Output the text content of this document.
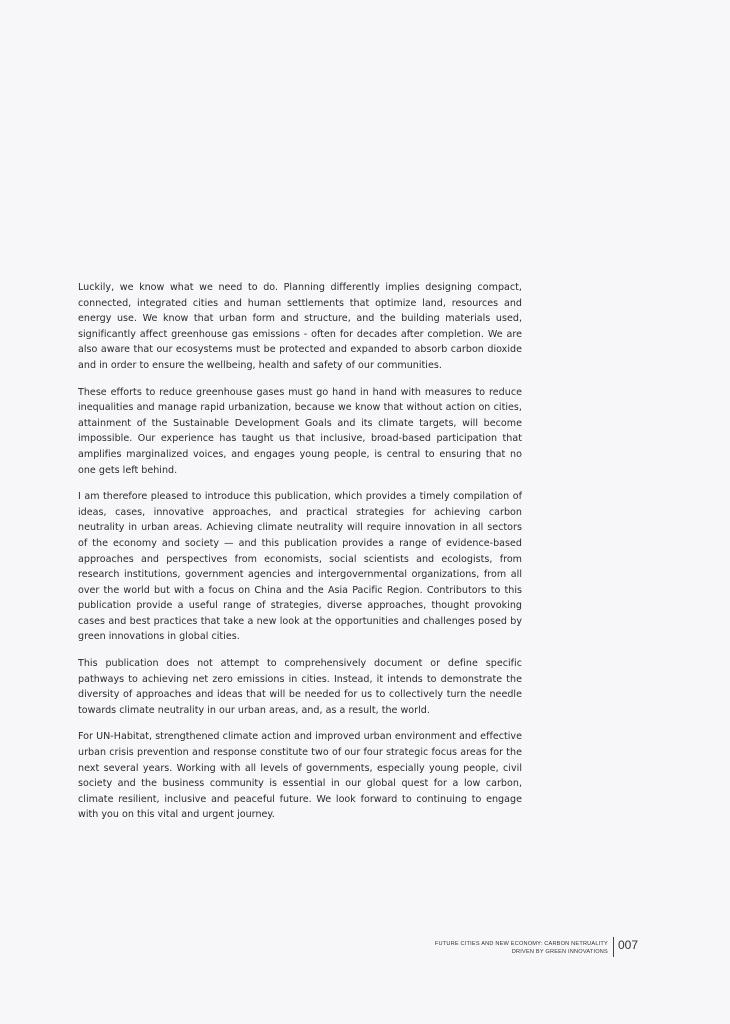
Luckily, we know what we need to do. Planning differently implies designing compact, connected, integrated cities and human settlements that optimize land, resources and energy use. We know that urban form and structure, and the building materials used, significantly affect greenhouse gas emissions - often for decades after completion. We are also aware that our ecosystems must be protected and expanded to absorb carbon dioxide and in order to ensure the wellbeing, health and safety of our communities.

These efforts to reduce greenhouse gases must go hand in hand with measures to reduce inequalities and manage rapid urbanization, because we know that without action on cities, attainment of the Sustainable Development Goals and its climate targets, will become impossible. Our experience has taught us that inclusive, broad-based participation that amplifies marginalized voices, and engages young people, is central to ensuring that no one gets left behind.

I am therefore pleased to introduce this publication, which provides a timely compilation of ideas, cases, innovative approaches, and practical strategies for achieving carbon neutrality in urban areas. Achieving climate neutrality will require innovation in all sectors of the economy and society — and this publication provides a range of evidence-based approaches and perspectives from economists, social scientists and ecologists, from research institutions, government agencies and intergovernmental organizations, from all over the world but with a focus on China and the Asia Pacific Region. Contributors to this publication provide a useful range of strategies, diverse approaches, thought provoking cases and best practices that take a new look at the opportunities and challenges posed by green innovations in global cities.

This publication does not attempt to comprehensively document or define specific pathways to achieving net zero emissions in cities. Instead, it intends to demonstrate the diversity of approaches and ideas that will be needed for us to collectively turn the needle towards climate neutrality in our urban areas, and, as a result, the world.

For UN-Habitat, strengthened climate action and improved urban environment and effective urban crisis prevention and response constitute two of our four strategic focus areas for the next several years. Working with all levels of governments, especially young people, civil society and the business community is essential in our global quest for a low carbon, climate resilient, inclusive and peaceful future. We look forward to continuing to engage with you on this vital and urgent journey.

FUTURE CITIES AND NEW ECONOMY: CARBON NETRUALITY
DRIVEN BY GREEN INNOVATIONS
007
